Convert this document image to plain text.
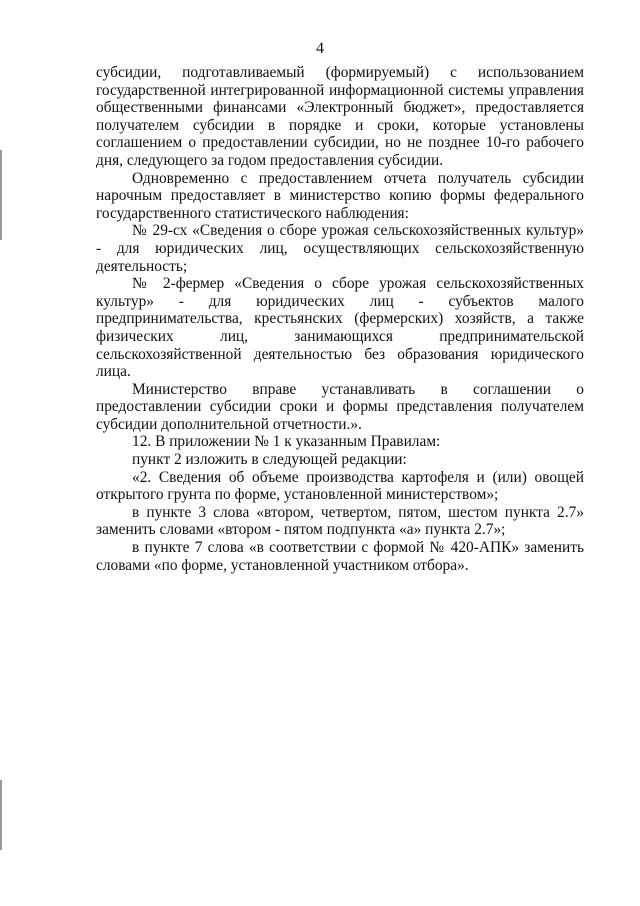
4

субсидии, подготавливаемый (формируемый) с использованием государственной интегрированной информационной системы управления общественными финансами «Электронный бюджет», предоставляется получателем субсидии в порядке и сроки, которые установлены соглашением о предоставлении субсидии, но не позднее 10-го рабочего дня, следующего за годом предоставления субсидии.

Одновременно с предоставлением отчета получатель субсидии нарочным предоставляет в министерство копию формы федерального государственного статистического наблюдения:

№ 29-сх «Сведения о сборе урожая сельскохозяйственных культур» - для юридических лиц, осуществляющих сельскохозяйственную деятельность;

№ 2-фермер «Сведения о сборе урожая сельскохозяйственных культур» - для юридических лиц - субъектов малого предпринимательства, крестьянских (фермерских) хозяйств, а также физических лиц, занимающихся предпринимательской сельскохозяйственной деятельностью без образования юридического лица.

Министерство вправе устанавливать в соглашении о предоставлении субсидии сроки и формы представления получателем субсидии дополнительной отчетности.».

12. В приложении № 1 к указанным Правилам:

пункт 2 изложить в следующей редакции:

«2. Сведения об объеме производства картофеля и (или) овощей открытого грунта по форме, установленной министерством»;

в пункте 3 слова «втором, четвертом, пятом, шестом пункта 2.7» заменить словами «втором - пятом подпункта «а» пункта 2.7»;

в пункте 7 слова «в соответствии с формой № 420-АПК» заменить словами «по форме, установленной участником отбора».
